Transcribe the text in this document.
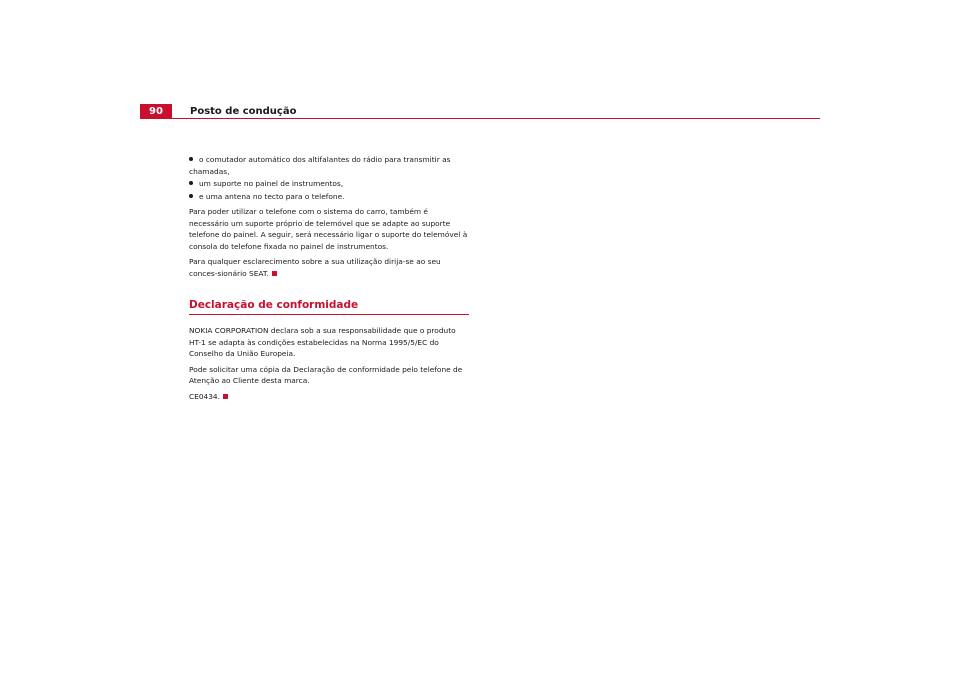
90	Posto de condução
o comutador automático dos altifalantes do rádio para transmitir as chamadas,
um suporte no painel de instrumentos,
e uma antena no tecto para o telefone.

Para poder utilizar o telefone com o sistema do carro, também é necessário um suporte próprio de telemóvel que se adapte ao suporte telefone do painel. A seguir, será necessário ligar o suporte do telemóvel à consola do telefone fixada no painel de instrumentos.

Para qualquer esclarecimento sobre a sua utilização dirija-se ao seu conces-sionário SEAT.

Declaração de conformidade

NOKIA CORPORATION declara sob a sua responsabilidade que o produto HT-1 se adapta às condições estabelecidas na Norma 1995/5/EC do Conselho da União Europeia.

Pode solicitar uma cópia da Declaração de conformidade pelo telefone de Atenção ao Cliente desta marca.

CE0434.
